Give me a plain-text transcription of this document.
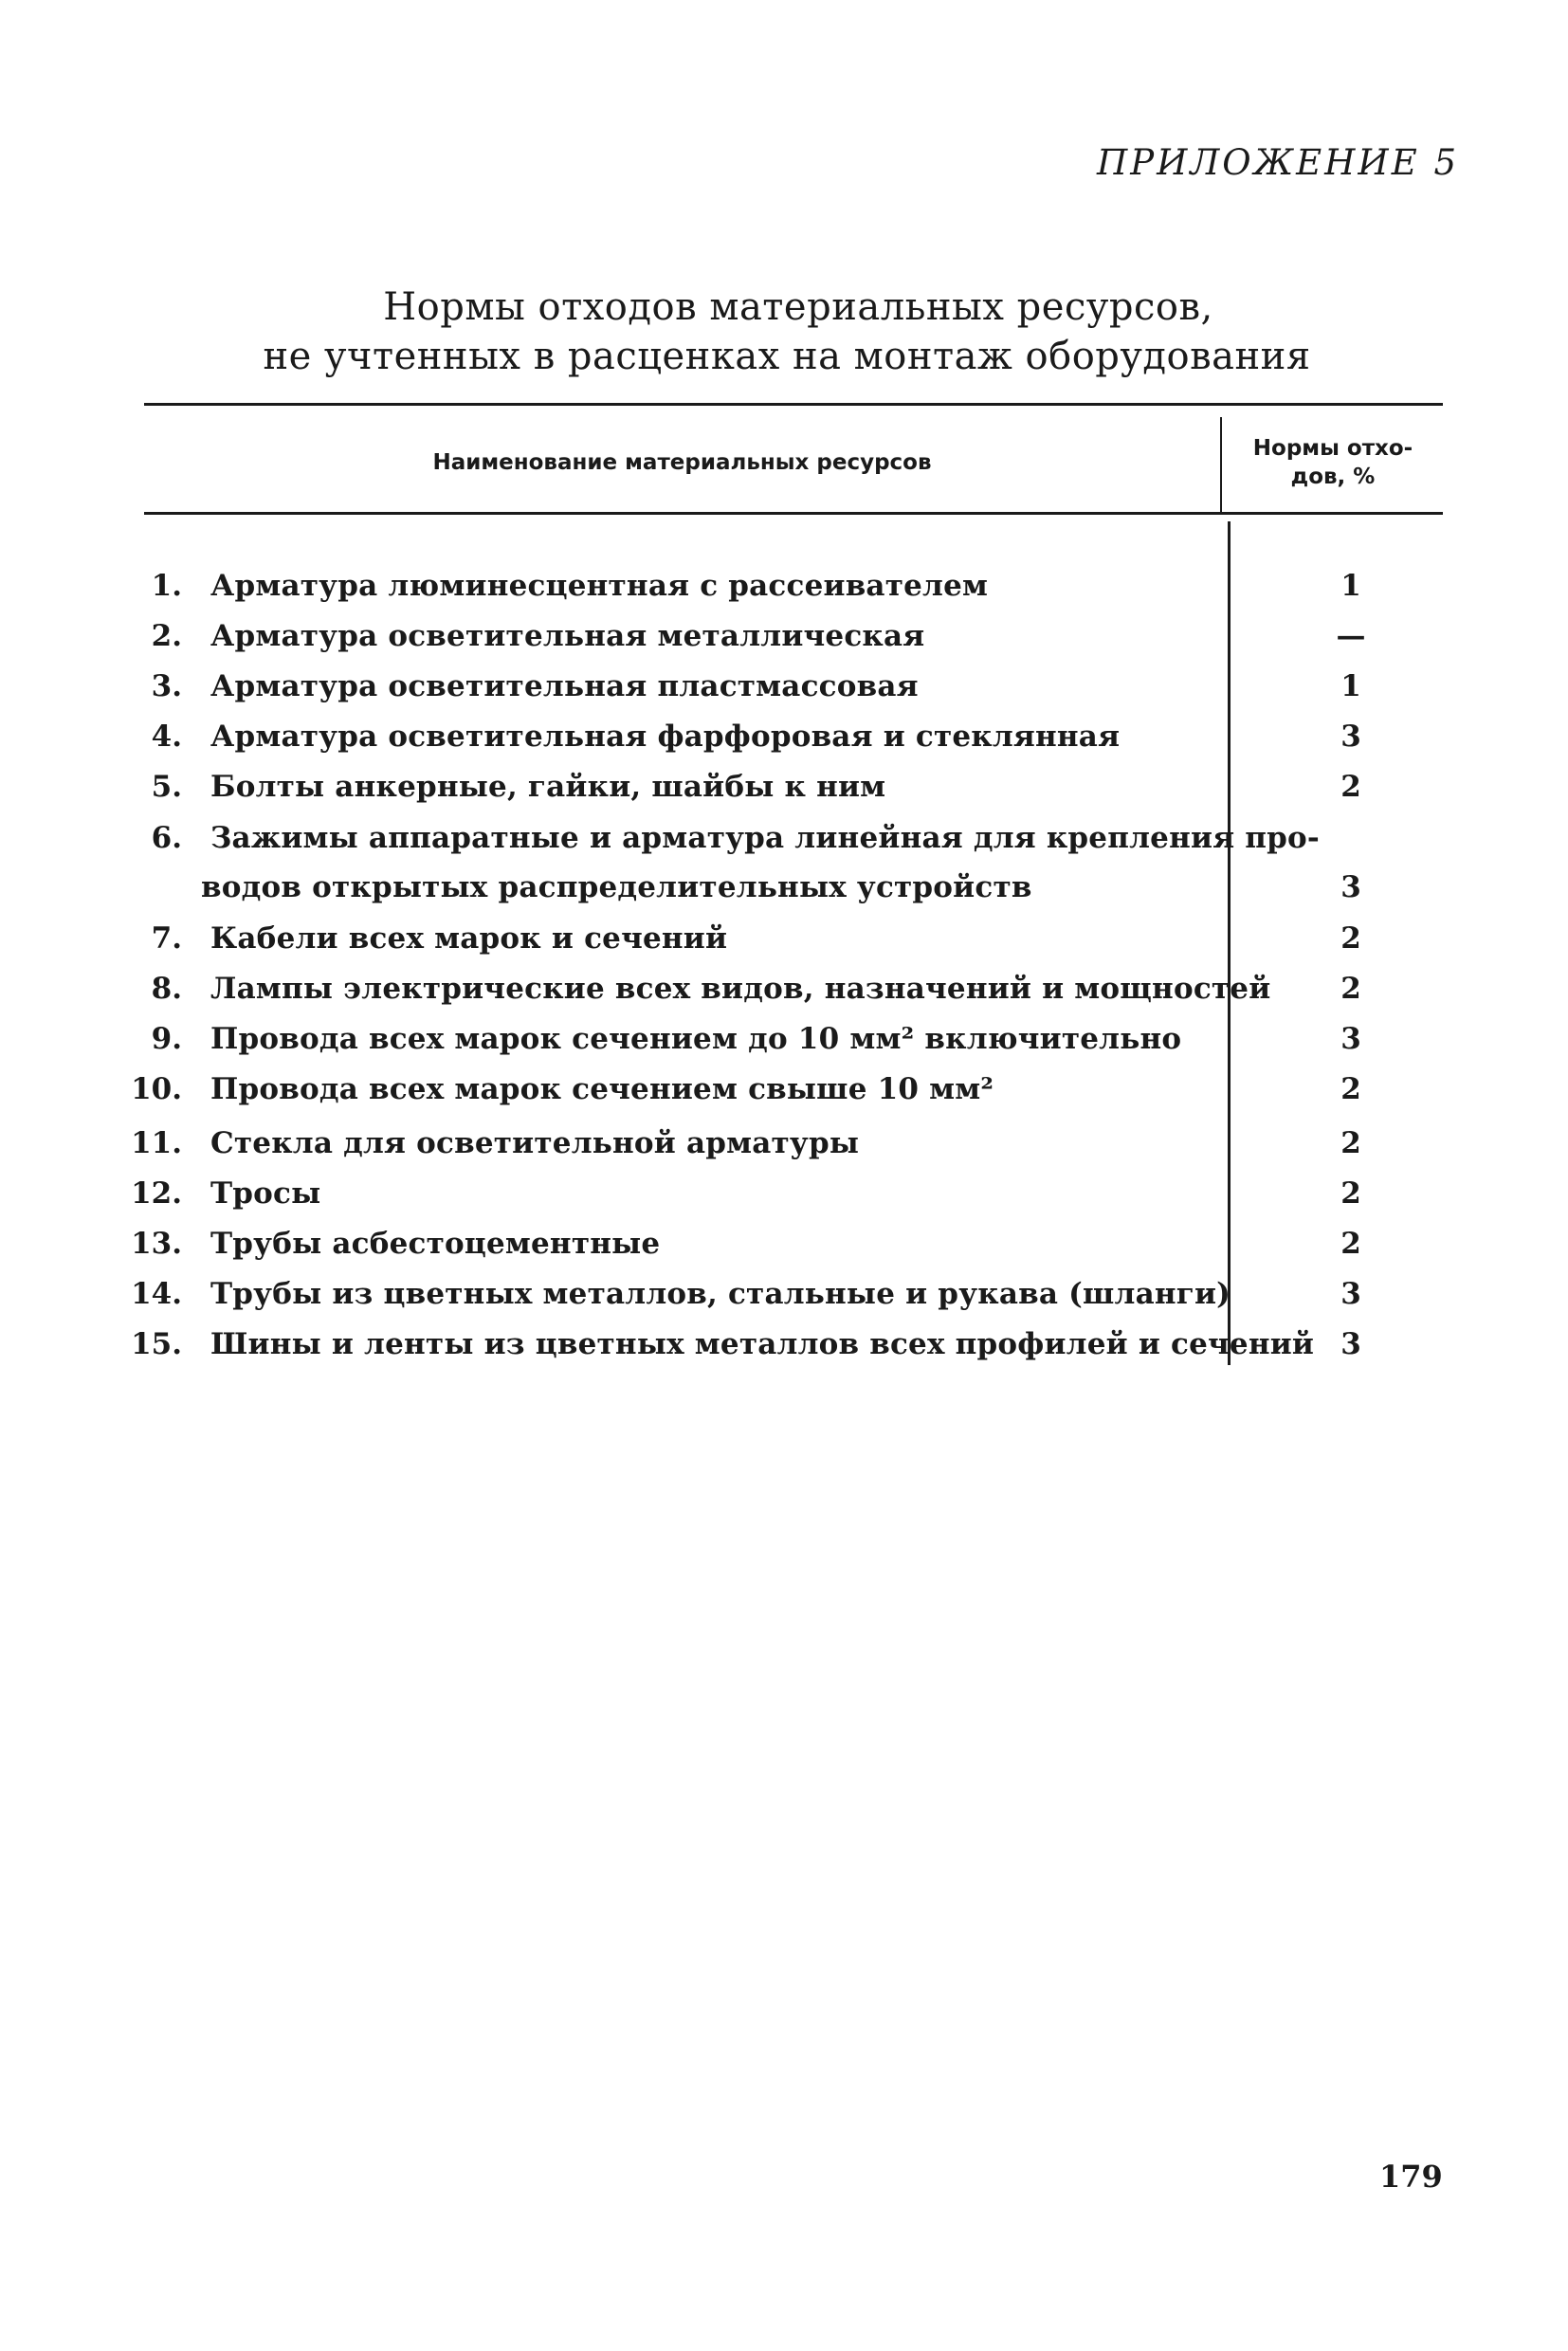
ПРИЛОЖЕНИЕ 5
Нормы отходов материальных ресурсов,
не учтенных в расценках на монтаж оборудования
Наименование материальных ресурсов
Нормы отхо-
дов, %
1. Арматура люминесцентная с рассеивателем	1
2. Арматура осветительная металлическая	—
3. Арматура осветительная пластмассовая	1
4. Арматура осветительная фарфоровая и стеклянная	3
5. Болты анкерные, гайки, шайбы к ним	2
6. Зажимы аппаратные и арматура линейная для крепления про-
водов открытых распределительных устройств	3
7. Кабели всех марок и сечений	2
8. Лампы электрические всех видов, назначений и мощностей	2
9. Провода всех марок сечением до 10 мм² включительно	3
10. Провода всех марок сечением свыше 10 мм²	2
11. Стекла для осветительной арматуры	2
12. Тросы	2
13. Трубы асбестоцементные	2
14. Трубы из цветных металлов, стальные и рукава (шланги)	3
15. Шины и ленты из цветных металлов всех профилей и сечений 3
179
